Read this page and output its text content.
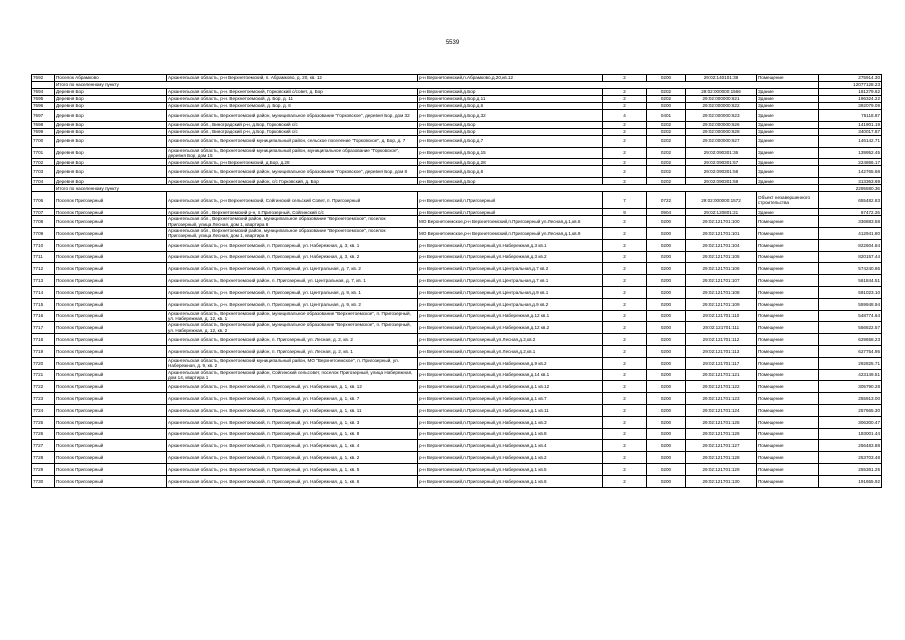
5539
7692	Поселок Абрамково	Архангельская область, р-н Верхнетоемский, п. Абрамково, д. 20, кв. 12	р-н Верхнетоемский,п.Абрамково,д.20,кв.12	2	0200	29:02:140101:39	Помещение	275914.30
	Итого по населенному пункту							12077128.23
7694	Деревня Бор	Архангельская область, р-н. Верхнетоемский, Горковский с/совет, д. Бор	р-н Верхнетоемский,д.Бор	2	0202	29:02:000000:1566	Здание	181279.62
7695	Деревня Бор	Архангельская область, р-н. Верхнетоемский, д. Бор, д. 11	р-н Верхнетоемский,д.Бор,д.11	2	0202	29:02:000000:621	Здание	196324.22
7696	Деревня Бор	Архангельская область, р-н. Верхнетоемский, д. Бор, д. 6	р-н Верхнетоемский,д.Бор,д.6	2	0200	29:02:000000:622	Здание	392079.09
7697	Деревня Бор	Архангельская область, Верхнетоемский район, муниципальное образование "Горковское", деревня Бор, дом 32	р-н Верхнетоемский,д.Бор,д.32	4	0401	29:02:000000:623	Здание	75118.87
7698	Деревня Бор	Архангельская обл., Виноградский р-н, д.Бор, Горковский с/с	р-н Верхнетоемский,д.Бор	2	0202	29:02:000000:626	Здание	141901.19
7699	Деревня Бор	Архангельская обл., Виноградский р-н, д.Бор, Горковский с/с	р-н Верхнетоемский,д.Бор	2	0202	29:02:000000:628	Здание	340017.87
7700	Деревня Бор	Архангельская область, Верхнетоемский муниципальный район, сельское поселение "Горковское", д. Бор, д. 7	р-н Верхнетоемский,д.Бор,д.7	2	0202	29:02:000000:627	Здание	146142.71
7701	Деревня Бор	Архангельская область, Верхнетоемский муниципальный район, муниципальное образование "Горковское", деревня Бор, дом 15	р-н Верхнетоемский,д.Бор,д.15	2	0202	29:02:090301:36	Здание	139952.45
7702	Деревня Бор	Архангельская область, р-н Верхнетоемский, д.Бор, д.28	р-н Верхнетоемский,д.Бор,д.28	2	0202	29:02:090301:57	Здание	224866.17
7703	Деревня Бор	Архангельская область, Верхнетоемский район, муниципальное образование "Горковское", деревня Бор, дом 8	р-н Верхнетоемский,д.Бор,д.8	2	0202	29:02:090301:58	Здание	142765.68
7704	Деревня Бор	Архангельская область, Верхнетоемский район, с/с Горковский, д. Бор	р-н Верхнетоемский,д.Бор	2	0202	29:02:090301:59	Здание	313363.69
	Итого по населенному пункту							2295580.36
7706	Поселок Пригозерный	Архангельская область, р-н Верхнетоемский, Сойгинский сельский Совет, п. Пригозерный	р-н Верхнетоемский,п.Пригозерный	7	0722	29:02:000000:1572	Объект незавершенного строительства	655482.83
7707	Поселок Пригозерный	Архангельская обл., Верхнетоемский р-н, п.Пригозерный, Сойгинский с/с	р-н Верхнетоемский,п.Пригозерный	9	0904	29:02:120801:21	Здание	67472.26
7708	Поселок Пригозерный	Архангельская обл., Верхнетоемский район, муниципальное образование "Верхнетоемское", поселок Пригозерный, улица Лесная, дом 1, квартира 6	МО Верхнетоемское,р-н Верхнетоемский,п.Пригозерный ул.Лесная,д.1,кв.6	2	0200	29:02:121701:100	Помещение	336883.58
7709	Поселок Пригозерный	Архангельская обл., Верхнетоемский район, муниципальное образование "Верхнетоемское", поселок Пригозерный, улица Лесная, дом 1, квартира 9	МО Верхнетоемское,р-н Верхнетоемский,п.Пригозерный ул.Лесная,д.1,кв.9	2	0200	29:02:121701:101	Помещение	412941.80
7710	Поселок Пригозерный	Архангельская область, р-н. Верхнетоемский, п. Пригозерный, ул. Набережная, д. 3, кв. 1	р-н Верхнетоемский,п.Пригозерный,ул.Набережная,д.3 кв.1	2	0200	29:02:121701:104	Помещение	822604.84
7711	Поселок Пригозерный	Архангельская область, р-н. Верхнетоемский, п. Пригозерный, ул. Набережная, д. 3, кв. 2	р-н Верхнетоемский,п.Пригозерный,ул.Набережная,д.3 кв.2	2	0200	29:02:121701:105	Помещение	820157.44
7712	Поселок Пригозерный	Архангельская область, р-н. Верхнетоемский, п. Пригозерный, ул. Центральная, д. 7, кв. 2	р-н Верхнетоемский,п.Пригозерный,ул.Центральная,д.7 кв.2	2	0200	29:02:121701:106	Помещение	574240.86
7713	Поселок Пригозерный	Архангельская область, Верхнетоемский район, п. Пригозерный, ул. Центральная, д. 7, кв. 1	р-н Верхнетоемский,п.Пригозерный,ул.Центральная,д.7 кв.1	2	0200	29:02:121701:107	Помещение	561844.51
7714	Поселок Пригозерный	Архангельская область, р-н. Верхнетоемский, п. Пригозерный, ул. Центральная, д. 9, кв. 1	р-н Верхнетоемский,п.Пригозерный,ул.Центральная,д.9 кв.1	2	0200	29:02:121701:108	Помещение	591023.10
7715	Поселок Пригозерный	Архангельская область, р-н. Верхнетоемский, п. Пригозерный, ул. Центральная, д. 9, кв. 2	р-н Верхнетоемский,п.Пригозерный,ул.Центральная,д.9 кв.2	2	0200	29:02:121701:109	Помещение	559948.94
7716	Поселок Пригозерный	Архангельская область, Верхнетоемский район, муниципальное образование "Верхнетоемское", п. Пригозерный, ул. Набережная, д. 12, кв. 1	р-н Верхнетоемский,п.Пригозерный,ул.Набережная,д.12 кв.1	2	0200	29:02:121701:110	Помещение	548774.64
7717	Поселок Пригозерный	Архангельская область, Верхнетоемский район, муниципальное образование "Верхнетоемское", п. Пригозерный, ул. Набережная, д. 12, кв. 2	р-н Верхнетоемский,п.Пригозерный,ул.Набережная,д.12 кв.2	2	0200	29:02:121701:111	Помещение	556622.57
7718	Поселок Пригозерный	Архангельская область, Верхнетоемский район, п. Пригозерный, ул. Лесная, д. 2, кв. 2	р-н Верхнетоемский,п.Пригозерный,ул.Лесная,д.2,кв.2	2	0200	29:02:121701:112	Помещение	629658.23
7719	Поселок Пригозерный	Архангельская область, Верхнетоемский район, п. Пригозерный, ул. Лесная, д. 2, кв. 1	р-н Верхнетоемский,п.Пригозерный,ул.Лесная,д.2,кв.1	2	0200	29:02:121701:113	Помещение	627754.95
7720	Поселок Пригозерный	Архангельская область, Верхнетоемский муниципальный район, МО "Верхнетоемское", п. Пригозерный, ул. Набережная, д. 9, кв. 2	р-н Верхнетоемский,п.Пригозерный,ул.Набережная,д.9 кв.2	2	0200	29:02:121701:117	Помещение	292825.71
7721	Поселок Пригозерный	Архангельская область, Верхнетоемский район, Сойгинский сельсовет, поселок Пригозерный, улица Набережная, дом 14, квартира 1	р-н Верхнетоемский,п.Пригозерный,ул.Набережная,д.14 кв.1	2	0200	29:02:121701:121	Помещение	423149.51
7722	Поселок Пригозерный	Архангельская область, р-н. Верхнетоемский, п. Пригозерный, ул. Набережная, д. 1, кв. 12	р-н Верхнетоемский,п.Пригозерный,ул.Набережная,д.1 кв.12	2	0200	29:02:121701:122	Помещение	305790.28
7723	Поселок Пригозерный	Архангельская область, р-н. Верхнетоемский, п. Пригозерный, ул. Набережная, д. 1, кв. 7	р-н Верхнетоемский,п.Пригозерный,ул.Набережная,д.1 кв.7	2	0200	29:02:121701:123	Помещение	255913.00
7724	Поселок Пригозерный	Архангельская область, р-н. Верхнетоемский, п. Пригозерный, ул. Набережная, д. 1, кв. 11	р-н Верхнетоемский,п.Пригозерный,ул.Набережная,д.1 кв.11	2	0200	29:02:121701:124	Помещение	257665.30
7725	Поселок Пригозерный	Архангельская область, р-н. Верхнетоемский, п. Пригозерный, ул. Набережная, д. 1, кв. 3	р-н Верхнетоемский,п.Пригозерный,ул.Набережная,д.1 кв.3	2	0200	29:02:121701:125	Помещение	306300.47
7726	Поселок Пригозерный	Архангельская область, р-н. Верхнетоемский, п. Пригозерный, ул. Набережная, д. 1, кв. 8	р-н Верхнетоемский,п.Пригозерный,ул.Набережная,д.1 кв.8	2	0200	29:02:121701:126	Помещение	193001.44
7727	Поселок Пригозерный	Архангельская область, р-н. Верхнетоемский, п. Пригозерный, ул. Набережная, д. 1, кв. 4	р-н Верхнетоемский,п.Пригозерный,ул.Набережная,д.1 кв.4	2	0200	29:02:121701:127	Помещение	256483.88
7728	Поселок Пригозерный	Архангельская область, р-н. Верхнетоемский, п. Пригозерный, ул. Набережная, д. 1, кв. 2	р-н Верхнетоемский,п.Пригозерный,ул.Набережная,д.1 кв.2	2	0200	29:02:121701:128	Помещение	253703.48
7729	Поселок Пригозерный	Архангельская область, р-н. Верхнетоемский, п. Пригозерный, ул. Набережная, д. 1, кв. 5	р-н Верхнетоемский,п.Пригозерный,ул.Набережная,д.1 кв.5	2	0200	29:02:121701:129	Помещение	255361.25
7730	Поселок Пригозерный	Архангельская область, р-н. Верхнетоемский, п. Пригозерный, ул. Набережная, д. 1, кв. 6	р-н Верхнетоемский,п.Пригозерный,ул.Набережная,д.1 кв.6	2	0200	29:02:121701:130	Помещение	191655.92
